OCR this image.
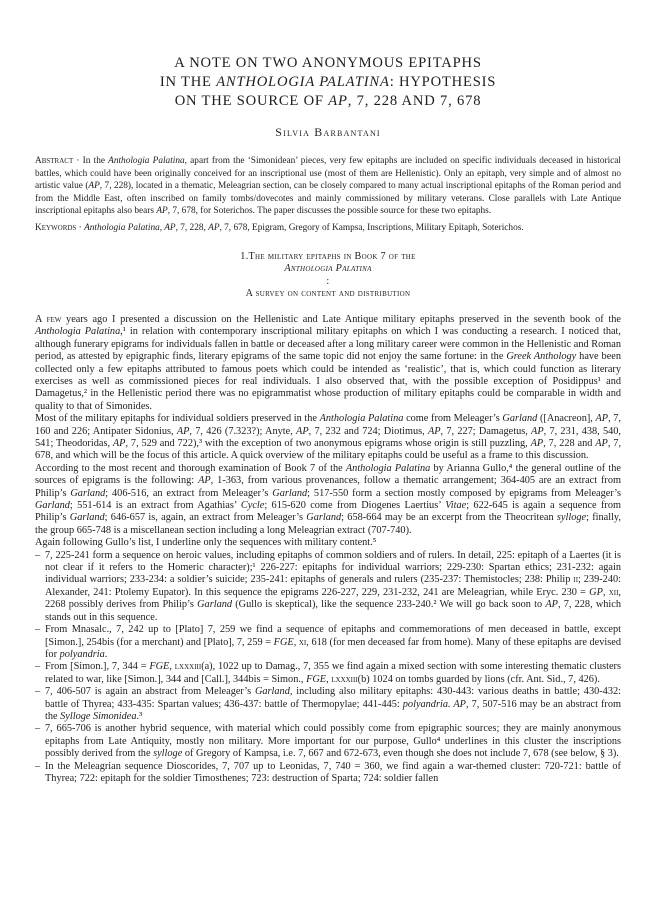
A NOTE ON TWO ANONYMOUS EPITAPHS
IN THE ANTHOLOGIA PALATINA: HYPOTHESIS
ON THE SOURCE OF AP, 7, 228 AND 7, 678
Silvia Barbantani
Abstract · In the Anthologia Palatina, apart from the ‘Simonidean’ pieces, very few epitaphs are included on specific individuals deceased in historical battles, which could have been originally conceived for an inscriptional use (most of them are Hellenistic). Only an epitaph, very simple and of almost no artistic value (AP, 7, 228), located in a thematic, Meleagrian section, can be closely compared to many actual inscriptional epitaphs of the Roman period and from the Middle East, often inscribed on family tombs/dovecotes and mainly commissioned by military veterans. Close parallels with Late Antique inscriptional epitaphs also bears AP, 7, 678, for Soterichos. The paper discusses the possible source for these two epitaphs.
Keywords · Anthologia Palatina, AP, 7, 228, AP, 7, 678, Epigram, Gregory of Kampsa, Inscriptions, Military Epitaph, Soterichos.
1.The military epitaphs in Book 7 of the
Anthologia Palatina
:
A survey on content and distribution

A few years ago I presented a discussion on the Hellenistic and Late Antique military epitaphs preserved in the seventh book of the Anthologia Palatina,¹ in relation with contemporary inscriptional military epitaphs on which I was conducting a research. I noticed that, although funerary epigrams for individuals fallen in battle or deceased after a long military career were common in the Hellenistic and Roman period, as attested by epigraphic finds, literary epigrams of the same topic did not enjoy the same fortune: in the Greek Anthology have been collected only a few epitaphs attributed to famous poets which could be intended as ‘realistic’, that is, which could function as literary exercises as well as commissioned pieces for real individuals. I also observed that, with the possible exception of Posidippus¹ and Damagetus,² in the Hellenistic period there was no epigrammatist whose production of military epitaphs could be comparable in width and quality to that of Simonides.

Most of the military epitaphs for individual soldiers preserved in the Anthologia Palatina come from Meleager’s Garland ([Anacreon], AP, 7, 160 and 226; Antipater Sidonius, AP, 7, 426 (7.323?); Anyte, AP, 7, 232 and 724; Diotimus, AP, 7, 227; Damagetus, AP, 7, 231, 438, 540, 541; Theodoridas, AP, 7, 529 and 722),³ with the exception of two anonymous epigrams whose origin is still puzzling, AP, 7, 228 and AP, 7, 678, and which will be the focus of this article. A quick overview of the military epitaphs could be useful as a frame to this discussion.

According to the most recent and thorough examination of Book 7 of the Anthologia Palatina by Arianna Gullo,⁴ the general outline of the sources of epigrams is the following: AP, 1-363, from various provenances, follow a thematic arrangement; 364-405 are an extract from Philip’s Garland; 406-516, an extract from Meleager’s Garland; 517-550 form a section mostly composed by epigrams from Meleager’s Garland; 551-614 is an extract from Agathias’ Cycle; 615-620 come from Diogenes Laertius’ Vitae; 622-645 is again a sequence from Philip’s Garland; 646-657 is, again, an extract from Meleager’s Garland; 658-664 may be an excerpt from the Theocritean sylloge; finally, the group 665-748 is a miscellanean section including a long Meleagrian extract (707-740).

Again following Gullo’s list, I underline only the sequences with military content.⁵

– 7, 225-241 form a sequence on heroic values, including epitaphs of common soldiers and of rulers. In detail, 225: epitaph of a Laertes (it is not clear if it refers to the Homeric character);¹ 226-227: epitaphs for individual warriors; 229-230: Spartan ethics; 231-232: again individual warriors; 233-234: a soldier’s suicide; 235-241: epitaphs of generals and rulers (235-237: Themistocles; 238: Philip ii; 239-240: Alexander, 241: Ptolemy Eupator). In this sequence the epigrams 226-227, 229, 231-232, 241 are Meleagrian, while Eryc. 230 = GP, xii, 2268 possibly derives from Philip’s Garland (Gullo is skeptical), like the sequence 233-240.² We will go back soon to AP, 7, 228, which stands out in this sequence.
– From Mnasalc., 7, 242 up to [Plato] 7, 259 we find a sequence of epitaphs and commemorations of men deceased in battle, except [Simon.], 254bis (for a merchant) and [Plato], 7, 259 = FGE, xi, 618 (for men deceased far from home). Many of these epitaphs are devised for polyandria.
– From [Simon.], 7, 344 = FGE, lxxxiii(a), 1022 up to Damag., 7, 355 we find again a mixed section with some interesting thematic clusters related to war, like [Simon.], 344 and [Call.], 344bis = Simon., FGE, lxxxiii(b) 1024 on tombs guarded by lions (cfr. Ant. Sid., 7, 426).
– 7, 406-507 is again an abstract from Meleager’s Garland, including also military epitaphs: 430-443: various deaths in battle; 430-432: battle of Thyrea; 433-435: Spartan values; 436-437: battle of Thermopylae; 441-445: polyandria. AP, 7, 507-516 may be an abstract from the Sylloge Simonidea.³
– 7, 665-706 is another hybrid sequence, with material which could possibly come from epigraphic sources; they are mainly anonymous epitaphs from Late Antiquity, mostly non military. More important for our purpose, Gullo⁴ underlines in this cluster the inscriptions possibly derived from the sylloge of Gregory of Kampsa, i.e. 7, 667 and 672-673, even though she does not include 7, 678 (see below, § 3).
– In the Meleagrian sequence Dioscorides, 7, 707 up to Leonidas, 7, 740 = 360, we find again a war-themed cluster: 720-721: battle of Thyrea; 722: epitaph for the soldier Timosthenes; 723: destruction of Sparta; 724: soldier fallen
